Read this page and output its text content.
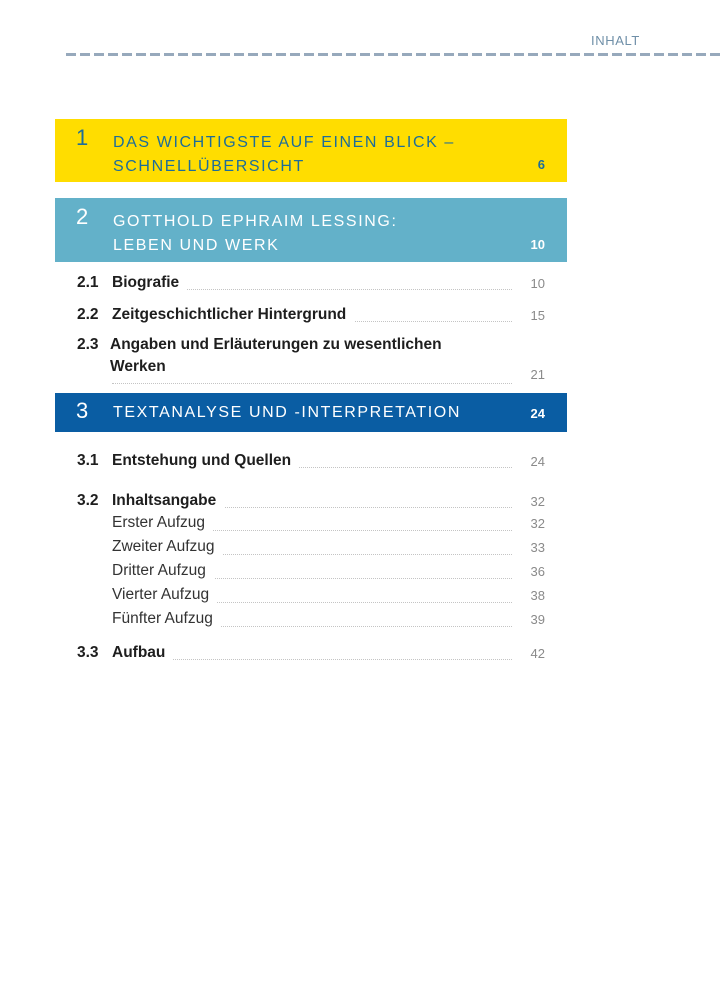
INHALT
1 DAS WICHTIGSTE AUF EINEN BLICK –
SCHNELLÜBERSICHT	6
2 GOTTHOLD EPHRAIM LESSING:
LEBEN UND WERK	10
2.1 Biografie	10
2.2 Zeitgeschichtlicher Hintergrund	15
2.3 Angaben und Erläuterungen zu wesentlichen
Werken	21
3 TEXTANALYSE UND -INTERPRETATION	24
3.1 Entstehung und Quellen	24
3.2 Inhaltsangabe	32
Erster Aufzug	32
Zweiter Aufzug	33
Dritter Aufzug	36
Vierter Aufzug	38
Fünfter Aufzug	39
3.3 Aufbau	42
